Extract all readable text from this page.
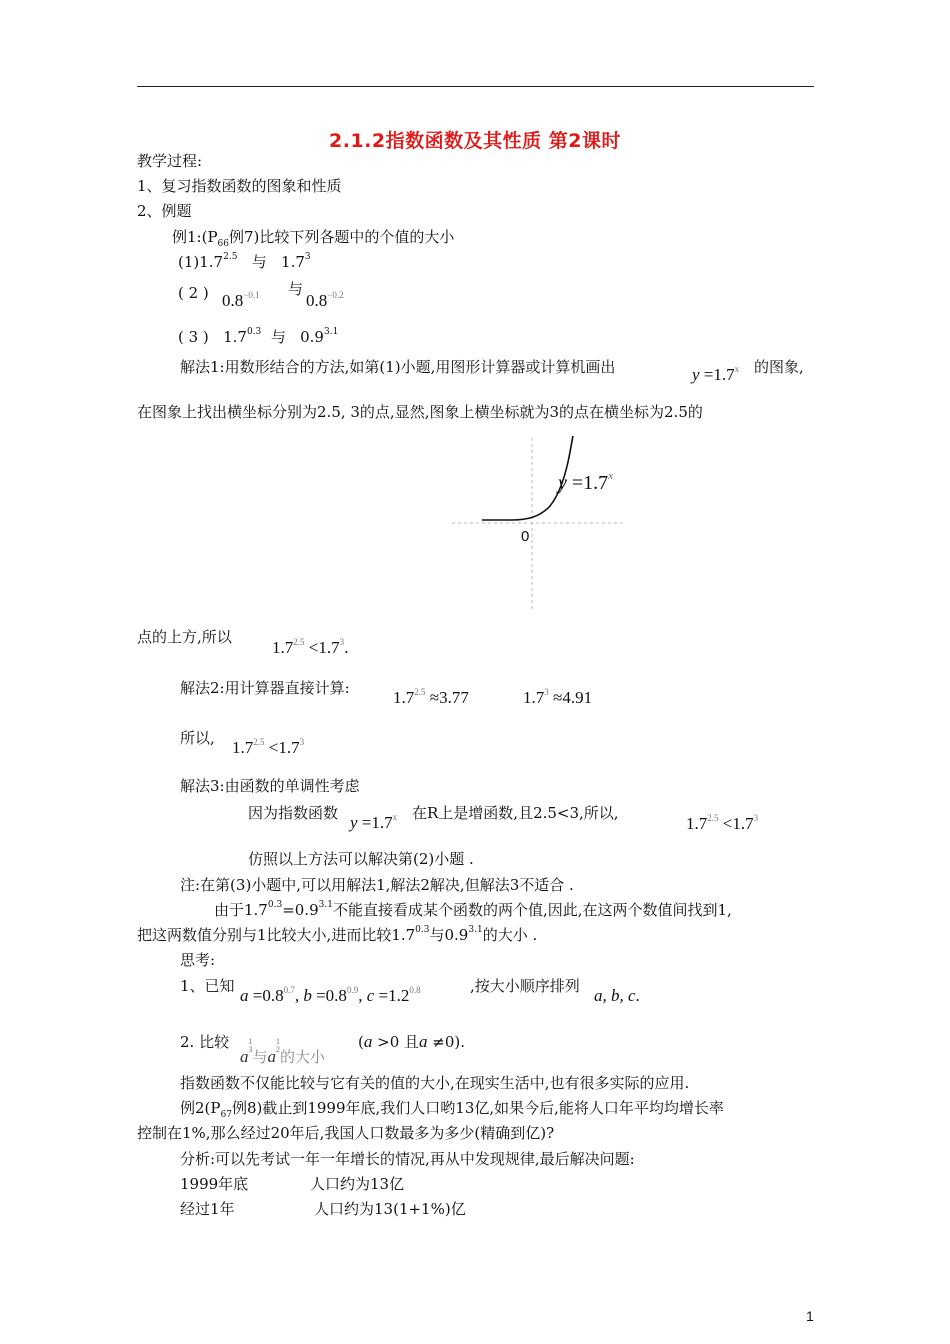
2.1.2指数函数及其性质 第2课时
教学过程:
1、复习指数函数的图象和性质
2、例题
例$1:(P_{66}$例7)比较下列各题中的个值的大小
$(1)1.7^{2.5}$   与   $1.7^3$
( 2 ) $0.8^{-0.1}$ 与
$0.8^{-0.2}$
( 3 )   $1.7^{0.3}$  与   $0.9^{3.1}$
解法1:用数形结合的方法,如第(1)小题,用图形计算器或计算机画出	$y =1.7^x$ 的图象,
在图象上找出横坐标分别为2.5, 3的点,显然,图象上横坐标就为3的点在横坐标为2.5的
$y =1.7^x$
0
点的上方,所以
$1.7^{2.5} <1.7^3$.
解法2:用计算器直接计算:	$1.7^{2.5} \approx 3.77$	$1.7^3 \approx 4.91$
所以, $1.7^{2.5} <1.7^3$
解法3:由函数的单调性考虑
因为指数函数 $y =1.7^x$ 在R上是增函数,且2.5<3,所以,
$1.7^{2.5} <1.7^3$
仿照以上方法可以解决第(2)小题 .
注:在第(3)小题中,可以用解法1,解法2解决,但解法3不适合 .
由于$1.7^{0.3}=0.9^{3.1}$不能直接看成某个函数的两个值,因此,在这两个数值间找到1,
把这两数值分别与1比较大小,进而比较$1.7^{0.3}$与$0.9^{3.1}$的大小 .
思考:
1、已知 $a =0.8^{0.7}$, $b =0.8^{0.9}$, $c =1.2^{0.8}$	,按大小顺序排列 a, b, c.
2. 比较
a1
3与a1
2的大小
(a >0 且a ≠0).
指数函数不仅能比较与它有关的值的大小,在现实生活中,也有很多实际的应用.
例$2(P_{67}$例8)截止到1999年底,我们人口哟13亿,如果今后,能将人口年平均均增长率
控制在1%,那么经过20年后,我国人口数最多为多少(精确到亿)?
分析:可以先考试一年一年增长的情况,再从中发现规律,最后解决问题:
1999年底	人口约为13亿
经过1年	人口约为13(1+1%)亿
1
